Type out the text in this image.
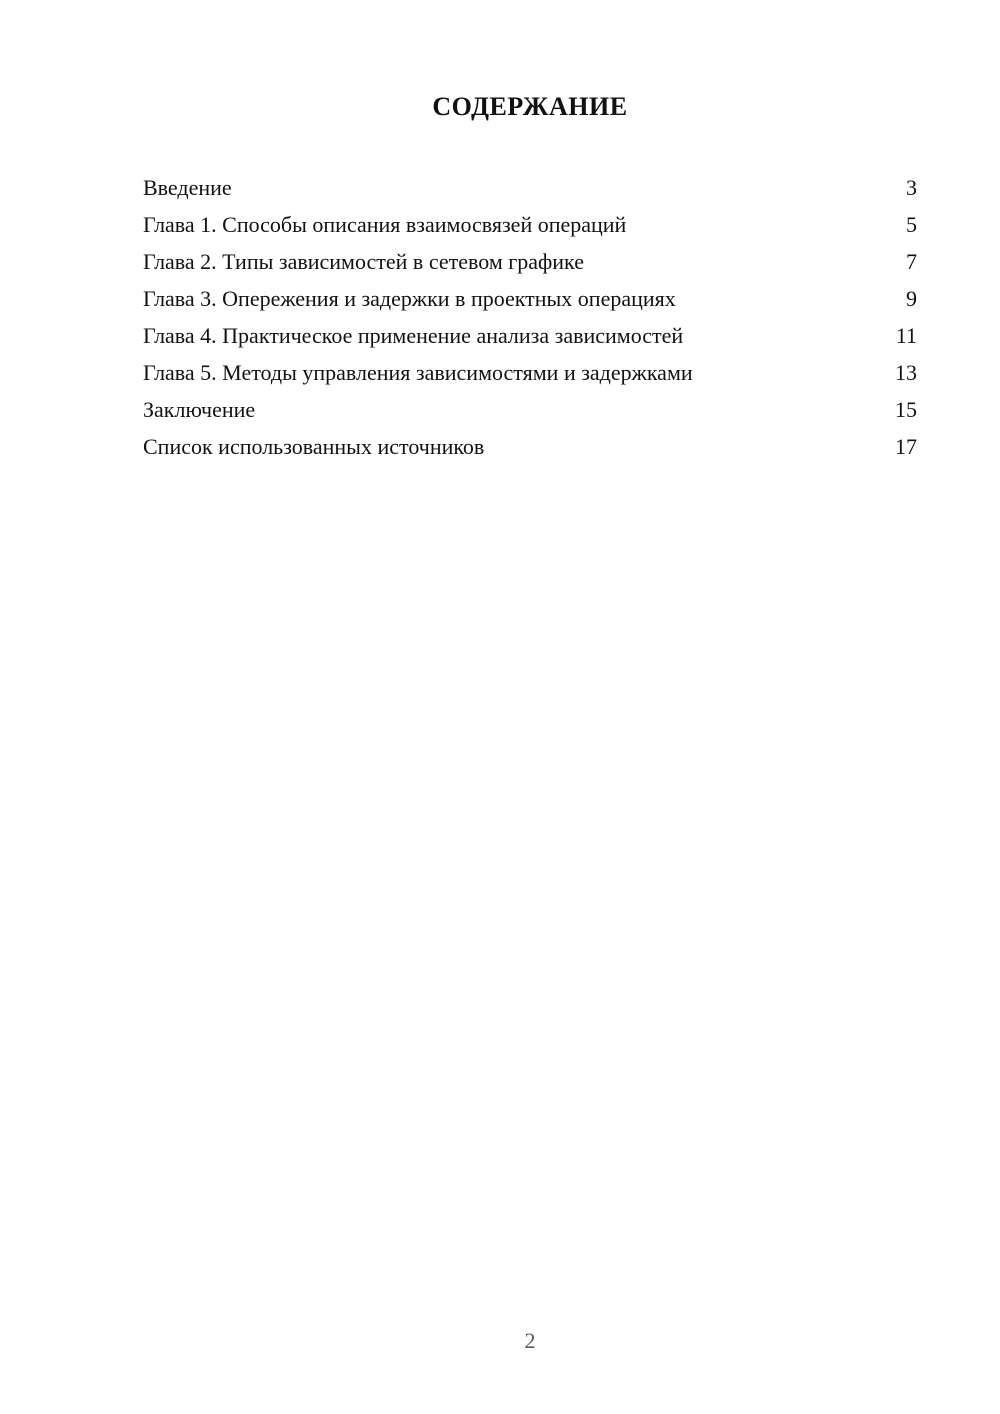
СОДЕРЖАНИЕ
Введение	3
Глава 1. Способы описания взаимосвязей операций	5
Глава 2. Типы зависимостей в сетевом графике	7
Глава 3. Опережения и задержки в проектных операциях	9
Глава 4. Практическое применение анализа зависимостей	11
Глава 5. Методы управления зависимостями и задержками	13
Заключение	15
Список использованных источников	17
2
